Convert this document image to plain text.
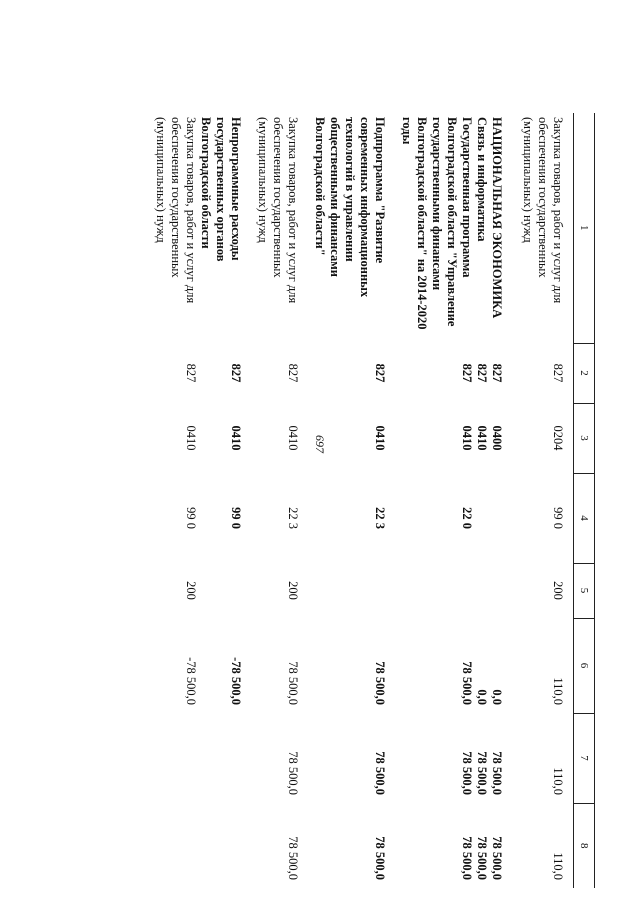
697
1	2	3	4	5	6	7	8

Закупка товаров, работ и услуг для обеспечения государственных (муниципальных) нужд	827	0204	99 0	200	110,0	110,0	110,0

НАЦИОНАЛЬНАЯ ЭКОНОМИКА	827	0400			0,0	78 500,0	78 500,0
Связь и информатика	827	0410			0,0	78 500,0	78 500,0
Государственная программа Волгоградской области "Управление государственными финансами Волгоградской области" на 2014-2020 годы	827	0410	22 0		78 500,0	78 500,0	78 500,0

Подпрограмма "Развитие современных информационных технологий в управлении общественными финансами Волгоградской области"	827	0410	22 3		78 500,0	78 500,0	78 500,0

Закупка товаров, работ и услуг для обеспечения государственных (муниципальных) нужд	827	0410	22 3	200	78 500,0	78 500,0	78 500,0

Непрограммные расходы государственных органов Волгоградской области	827	0410	99 0		-78 500,0		
Закупка товаров, работ и услуг для обеспечения государственных (муниципальных) нужд	827	0410	99 0	200	-78 500,0		
